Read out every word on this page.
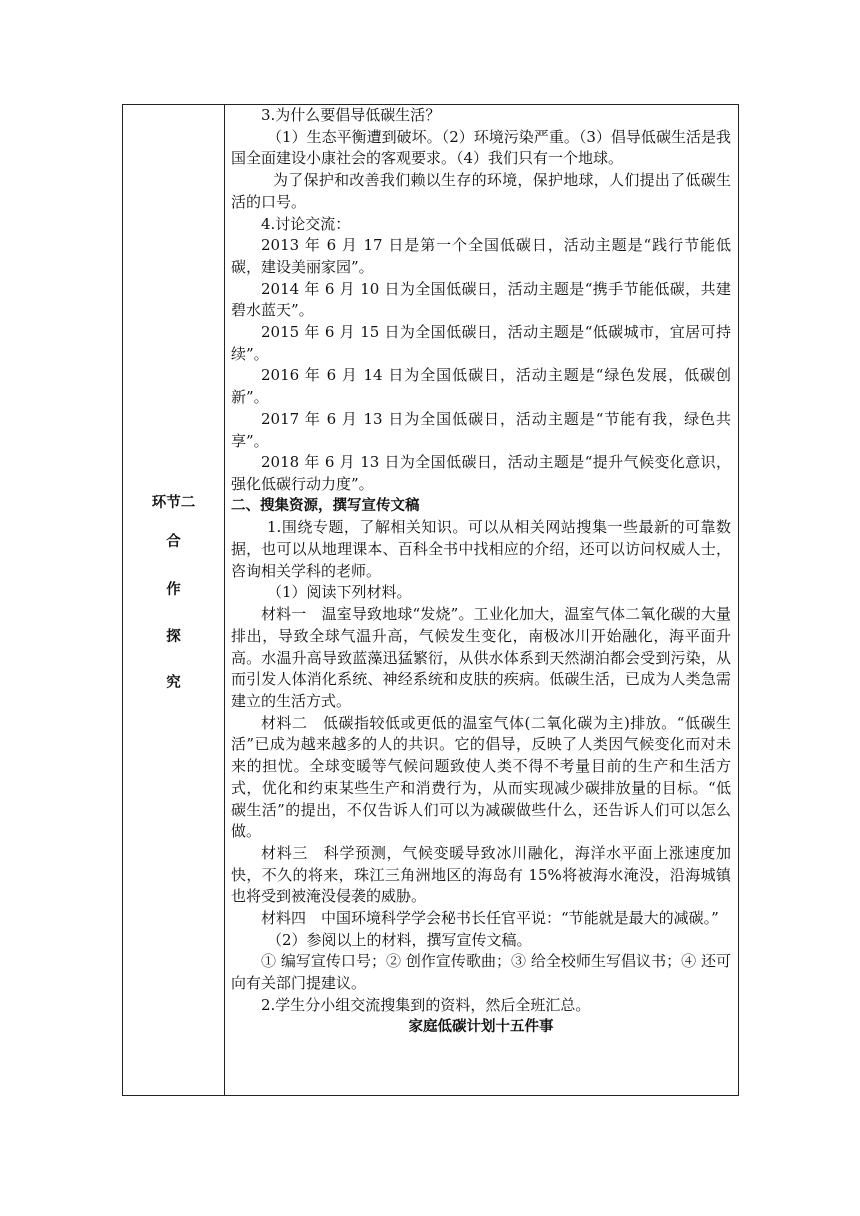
环节二
合
作
探
究

3.为什么要倡导低碳生活？

（1）生态平衡遭到破坏。（2）环境污染严重。（3）倡导低碳生活是我国全面建设小康社会的客观要求。（4）我们只有一个地球。

为了保护和改善我们赖以生存的环境，保护地球，人们提出了低碳生活的口号。

4.讨论交流：

2013 年 6 月 17 日是第一个全国低碳日，活动主题是“践行节能低碳，建设美丽家园”。

2014 年 6 月 10 日为全国低碳日，活动主题是“携手节能低碳，共建碧水蓝天”。

2015 年 6 月 15 日为全国低碳日，活动主题是“低碳城市，宜居可持续”。

2016 年 6 月 14 日为全国低碳日，活动主题是“绿色发展，低碳创新”。

2017 年 6 月 13 日为全国低碳日，活动主题是“节能有我，绿色共享”。

2018 年 6 月 13 日为全国低碳日，活动主题是“提升气候变化意识，强化低碳行动力度”。

二、搜集资源，撰写宣传文稿

1.围绕专题，了解相关知识。可以从相关网站搜集一些最新的可靠数据，也可以从地理课本、百科全书中找相应的介绍，还可以访问权威人士，咨询相关学科的老师。

（1）阅读下列材料。

材料一　温室导致地球“发烧”。工业化加大，温室气体二氧化碳的大量排出，导致全球气温升高，气候发生变化，南极冰川开始融化，海平面升高。水温升高导致蓝藻迅猛繁衍，从供水体系到天然湖泊都会受到污染，从而引发人体消化系统、神经系统和皮肤的疾病。低碳生活，已成为人类急需建立的生活方式。

材料二　低碳指较低或更低的温室气体(二氧化碳为主)排放。“低碳生活”已成为越来越多的人的共识。它的倡导，反映了人类因气候变化而对未来的担忧。全球变暖等气候问题致使人类不得不考量目前的生产和生活方式，优化和约束某些生产和消费行为，从而实现减少碳排放量的目标。“低碳生活”的提出，不仅告诉人们可以为减碳做些什么，还告诉人们可以怎么做。

材料三　科学预测，气候变暖导致冰川融化，海洋水平面上涨速度加快，不久的将来，珠江三角洲地区的海岛有 15%将被海水淹没，沿海城镇也将受到被淹没侵袭的威胁。

材料四　中国环境科学学会秘书长任官平说：“节能就是最大的减碳。”

（2）参阅以上的材料，撰写宣传文稿。

① 编写宣传口号；② 创作宣传歌曲；③ 给全校师生写倡议书；④ 还可向有关部门提建议。

2.学生分小组交流搜集到的资料，然后全班汇总。

家庭低碳计划十五件事
